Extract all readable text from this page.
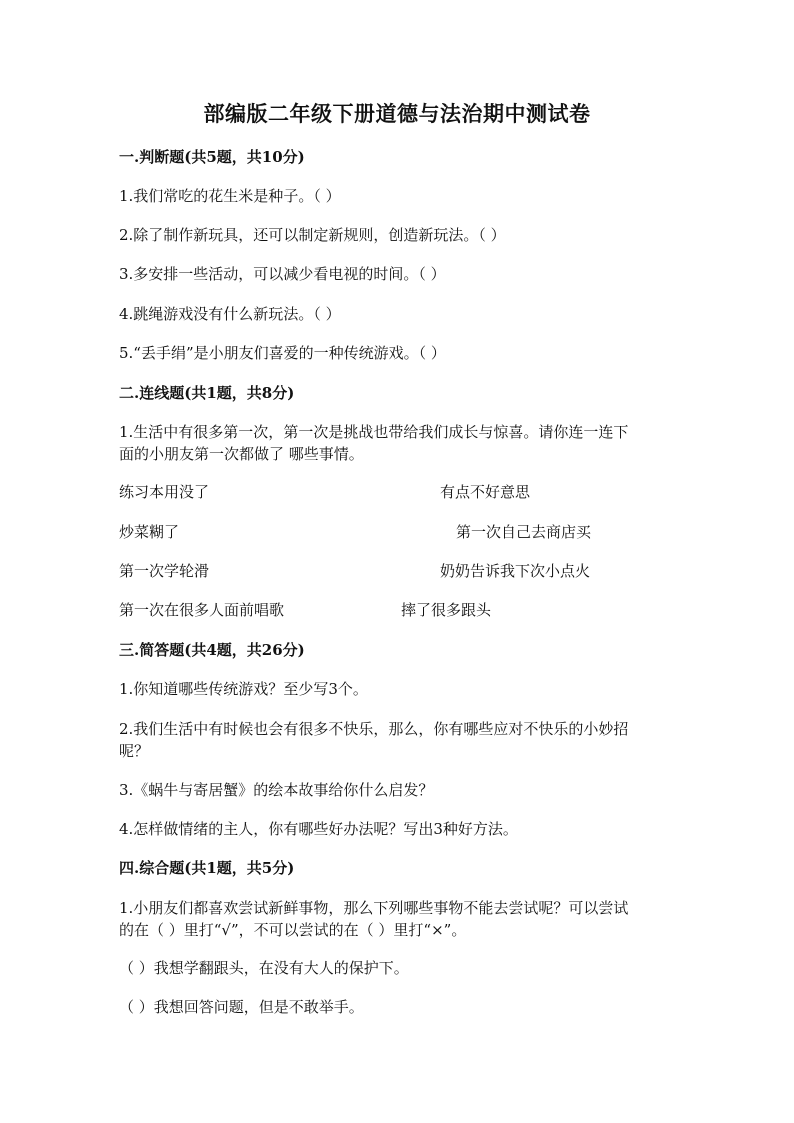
部编版二年级下册道德与法治期中测试卷
一.判断题(共5题，共10分)
1.我们常吃的花生米是种子。（ ）
2.除了制作新玩具，还可以制定新规则，创造新玩法。（ ）
3.多安排一些活动，可以减少看电视的时间。（ ）
4.跳绳游戏没有什么新玩法。（ ）
5.“丢手绢”是小朋友们喜爱的一种传统游戏。（ ）
二.连线题(共1题，共8分)
1.生活中有很多第一次，第一次是挑战也带给我们成长与惊喜。请你连一连下
面的小朋友第一次都做了 哪些事情。
练习本用没了	有点不好意思
炒菜糊了	第一次自己去商店买
第一次学轮滑	奶奶告诉我下次小点火
第一次在很多人面前唱歌	摔了很多跟头
三.简答题(共4题，共26分)
1.你知道哪些传统游戏？至少写3个。
2.我们生活中有时候也会有很多不快乐，那么，你有哪些应对不快乐的小妙招
呢？
3.《蜗牛与寄居蟹》的绘本故事给你什么启发？
4.怎样做情绪的主人，你有哪些好办法呢？写出3种好方法。
四.综合题(共1题，共5分)
1.小朋友们都喜欢尝试新鲜事物，那么下列哪些事物不能去尝试呢？可以尝试
的在（ ）里打“√”，不可以尝试的在（ ）里打“×”。
（ ）我想学翻跟头，在没有大人的保护下。
（ ）我想回答问题，但是不敢举手。
